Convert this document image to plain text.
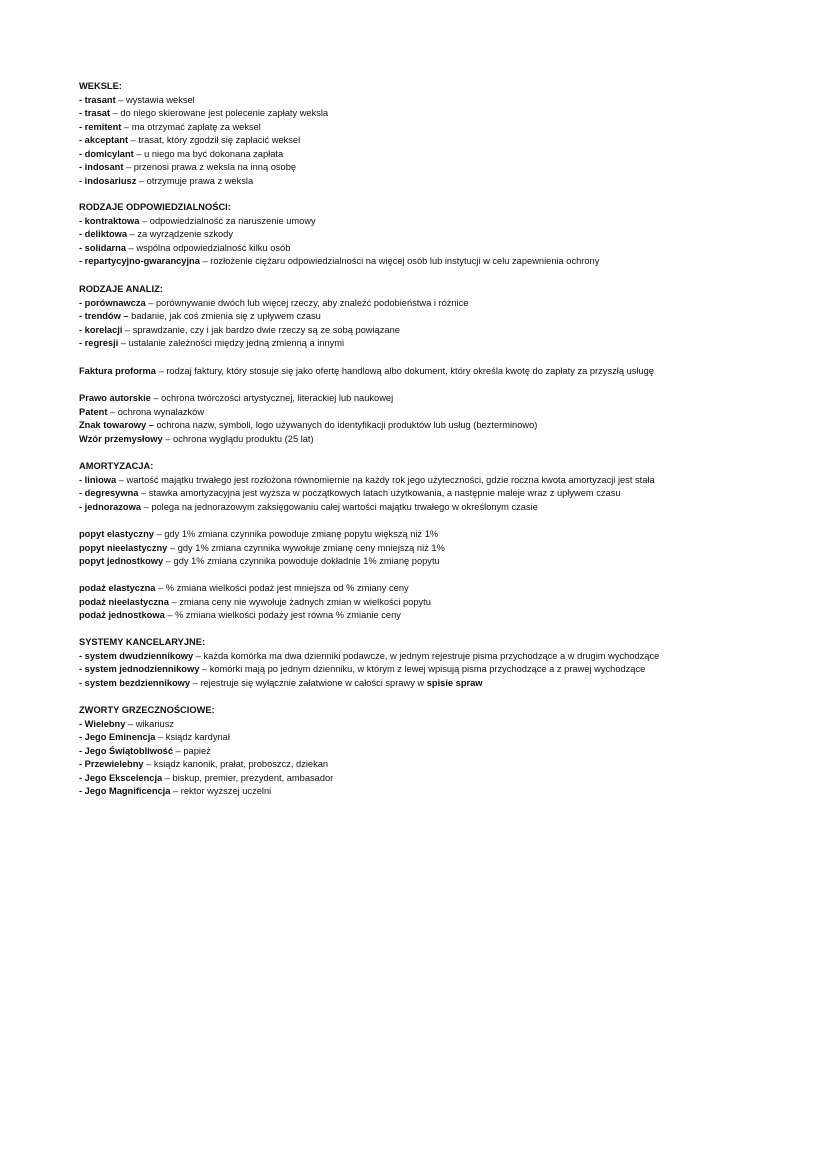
WEKSLE:
- trasant – wystawia weksel
- trasat – do niego skierowane jest polecenie zapłaty weksla
- remitent – ma otrzymać zapłatę za weksel
- akceptant – trasat, który zgodził się zapłacić weksel
- domicylant – u niego ma być dokonana zapłata
- indosant – przenosi prawa z weksla na inną osobę
- indosariusz – otrzymuje prawa z weksla
RODZAJE ODPOWIEDZIALNOŚCI:
- kontraktowa – odpowiedzialność za naruszenie umowy
- deliktowa – za wyrządzenie szkody
- solidarna – wspólna odpowiedzialność kilku osób
- repartycyjno-gwarancyjna – rozłożenie ciężaru odpowiedzialności na więcej osób lub instytucji w celu zapewnienia ochrony
RODZAJE ANALIZ:
- porównawcza – porównywanie dwóch lub więcej rzeczy, aby znaleźć podobieństwa i różnice
- trendów – badanie, jak coś zmienia się z upływem czasu
- korelacji – sprawdzanie, czy i jak bardzo dwie rzeczy są ze sobą powiązane
- regresji – ustalanie zależności między jedną zmienną a innymi
Faktura proforma – rodzaj faktury, który stosuje się jako ofertę handlową albo dokument, który określa kwotę do zapłaty za przyszłą usługę
Prawo autorskie – ochrona twórczości artystycznej, literackiej lub naukowej
Patent – ochrona wynalazków
Znak towarowy – ochrona nazw, symboli, logo używanych do identyfikacji produktów lub usług (bezterminowo)
Wzór przemysłowy – ochrona wyglądu produktu (25 lat)
AMORTYZACJA:
- liniowa – wartość majątku trwałego jest rozłożona równomiernie na każdy rok jego użyteczności, gdzie roczna kwota amortyzacji jest stała
- degresywna – stawka amortyzacyjna jest wyższa w początkowych latach użytkowania, a następnie maleje wraz z upływem czasu
- jednorazowa – polega na jednorazowym zaksięgowaniu całej wartości majątku trwałego w określonym czasie
popyt elastyczny – gdy 1% zmiana czynnika powoduje zmianę popytu większą niż 1%
popyt nieelastyczny – gdy 1% zmiana czynnika wywołuje zmianę ceny mniejszą niż 1%
popyt jednostkowy – gdy 1% zmiana czynnika powoduje dokładnie 1% zmianę popytu
podaż elastyczna – % zmiana wielkości podaż jest mniejsza od % zmiany ceny
podaż nieelastyczna – zmiana ceny nie wywołuje żadnych zmian w wielkości popytu
podaż jednostkowa – % zmiana wielkości podaży jest równa % zmianie ceny
SYSTEMY KANCELARYJNE:
- system dwudziennikowy – każda komórka ma dwa dzienniki podawcze, w jednym rejestruje pisma przychodzące a w drugim wychodzące
- system jednodziennikowy – komórki mają po jednym dzienniku, w którym z lewej wpisują pisma przychodzące a z prawej wychodzące
- system bezdziennikowy – rejestruje się wyłącznie załatwione w całości sprawy w spisie spraw
ZWORTY GRZECZNOŚCIOWE:
- Wielebny – wikariusz
- Jego Eminencja – ksiądz kardynał
- Jego Świątobliwość – papież
- Przewielebny – ksiądz kanonik, prałat, proboszcz, dziekan
- Jego Ekscelencja – biskup, premier, prezydent, ambasador
- Jego Magnificencja – rektor wyższej uczelni
